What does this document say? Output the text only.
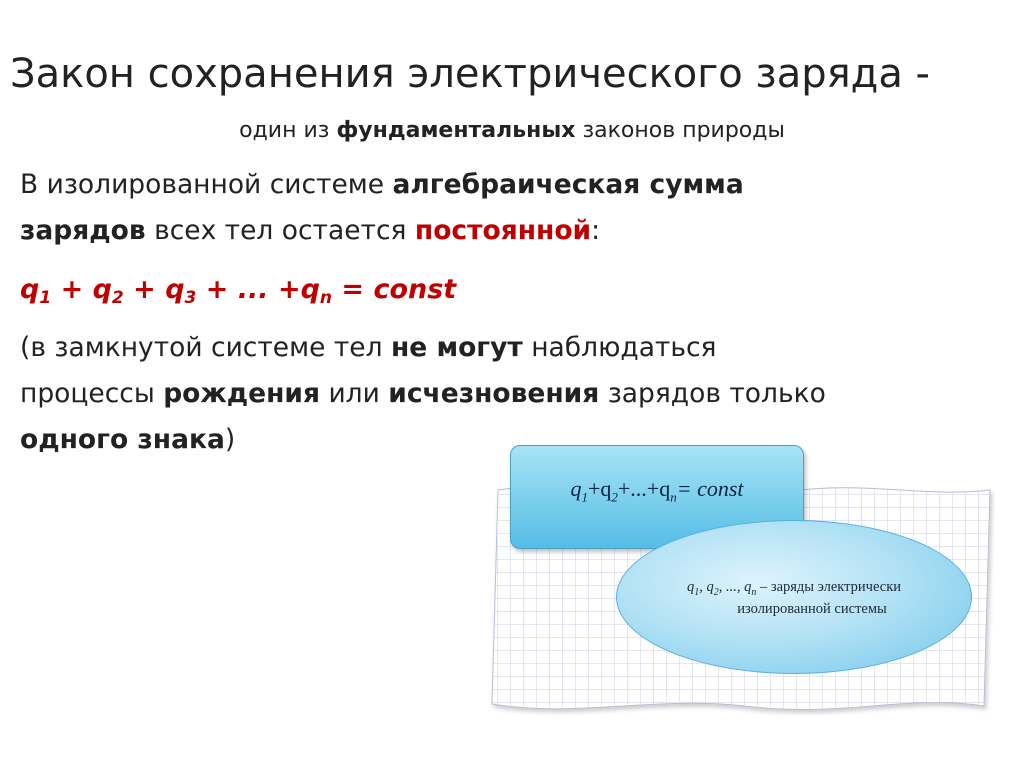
Закон сохранения электрического заряда -
один из фундаментальных законов природы
В изолированной системе алгебраическая сумма
зарядов всех тел остается постоянной:
$q_1 + q_2 + q_3$ + ... $+q_n$ = const
(в замкнутой системе тел не могут наблюдаться
процессы рождения или исчезновения зарядов только
одного знака)
$q_1+q_2+...+q_n=$ const
$q_1$, $q_2$, ..., $q_n$ – заряды электрически
изолированной системы
